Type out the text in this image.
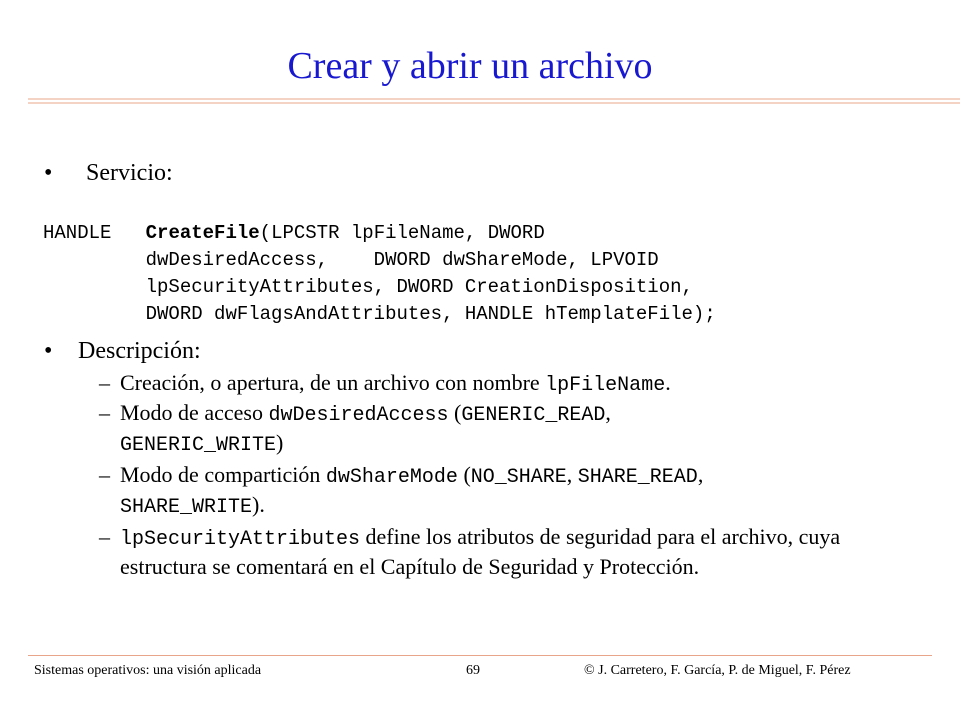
Crear y abrir un archivo
• Servicio:

HANDLE CreateFile(LPCSTR lpFileName, DWORD
dwDesiredAccess,    DWORD dwShareMode, LPVOID
lpSecurityAttributes, DWORD CreationDisposition,
DWORD dwFlagsAndAttributes, HANDLE hTemplateFile);
• Descripción:
– Creación, o apertura, de un archivo con nombre lpFileName.
– Modo de acceso dwDesiredAccess (GENERIC_READ,
GENERIC_WRITE)
– Modo de compartición dwShareMode (NO_SHARE, SHARE_READ,
SHARE_WRITE).
– lpSecurityAttributes define los atributos de seguridad para el archivo, cuya estructura se comentará en el Capítulo de Seguridad y Protección.
Sistemas operativos: una visión aplicada	69	© J. Carretero, F. García, P. de Miguel, F. Pérez
